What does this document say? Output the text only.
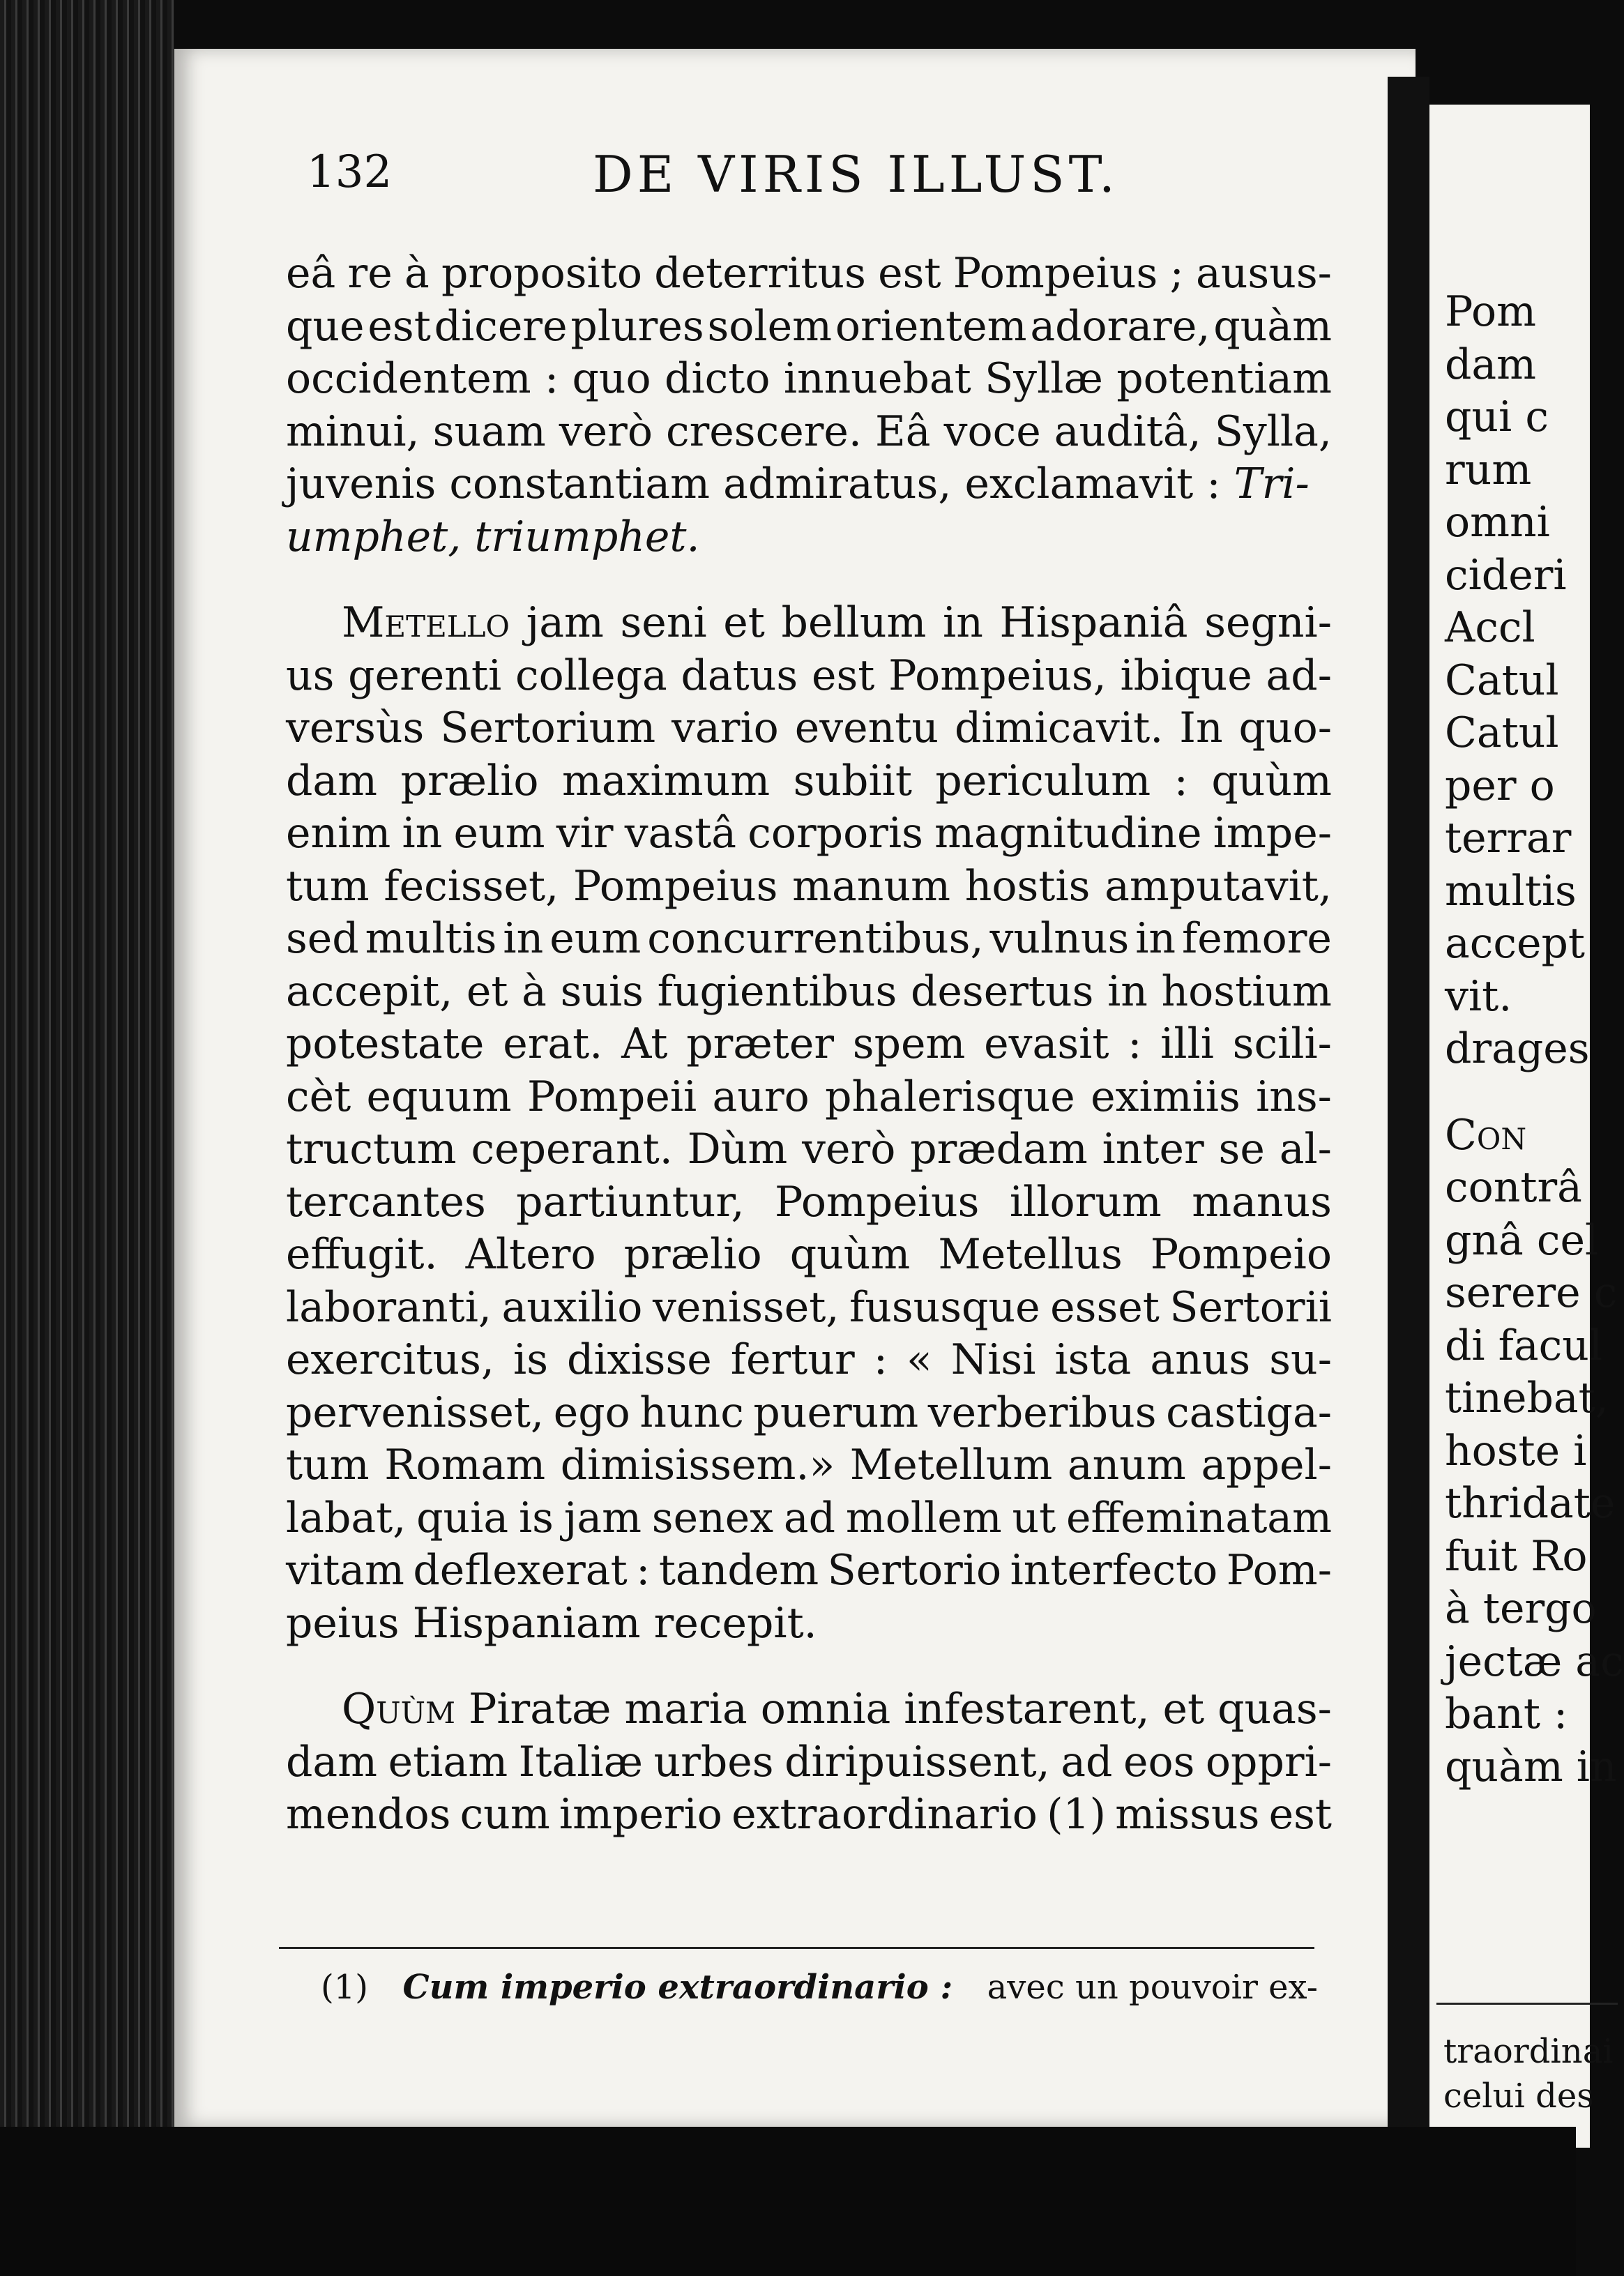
132	DE VIRIS ILLUST.
eâ re à proposito deterritus est Pompeius ; ausus-
que est dicere plures solem orientem adorare, quàm
occidentem : quo dicto innuebat Syllæ potentiam
minui, suam verò crescere. Eâ voce auditâ, Sylla,
juvenis constantiam admiratus, exclamavit : Tri-
umphet, triumphet.
Metello jam seni et bellum in Hispaniâ segni-
us gerenti collega datus est Pompeius, ibique ad-
versùs Sertorium vario eventu dimicavit. In quo-
dam prælio maximum subiit periculum : quùm
enim in eum vir vastâ corporis magnitudine impe-
tum fecisset, Pompeius manum hostis amputavit,
sed multis in eum concurrentibus, vulnus in femore
accepit, et à suis fugientibus desertus in hostium
potestate erat. At præter spem evasit : illi scili-
cèt equum Pompeii auro phalerisque eximiis ins-
tructum ceperant. Dùm verò prædam inter se al-
tercantes partiuntur, Pompeius illorum manus
effugit. Altero prælio quùm Metellus Pompeio
laboranti, auxilio venisset, fususque esset Sertorii
exercitus, is dixisse fertur : « Nisi ista anus su-
pervenisset, ego hunc puerum verberibus castiga-
tum Romam dimisissem.» Metellum anum appel-
labat, quia is jam senex ad mollem ut effeminatam
vitam deflexerat : tandem Sertorio interfecto Pom-
peius Hispaniam recepit.
Quùm Piratæ maria omnia infestarent, et quas-
dam etiam Italiæ urbes diripuissent, ad eos oppri-
mendos cum imperio extraordinario (1) missus est
(1) Cum imperio extraordinario : avec un pouvoir ex-
Pom
dam
qui c
rum
omni
cideri
Accl
Catul
Catul
per o
terrar
multis
accept
vit.
drages
Con
contrâ
gnâ cel
serere c
di facul
tinebat,
hoste i
thridate
fuit Ro
à tergo
jectæ ac
bant :
quàm in
traordinai
celui des
